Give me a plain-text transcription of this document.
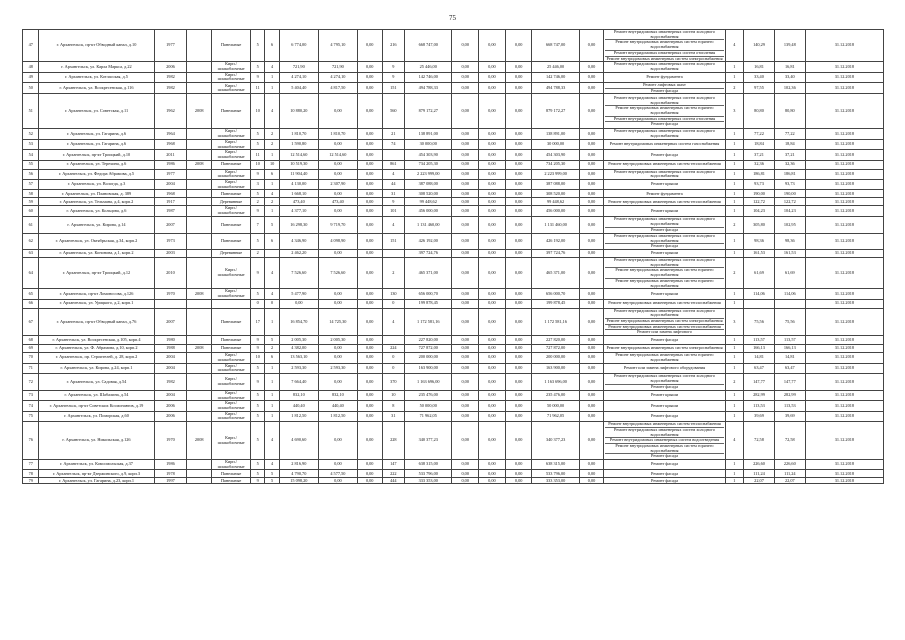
75
47	г. Архангельск, пр-кт Обводный канал, д.10	1977		Панельные	5	6	6 774,00	4 795,10	0,00	216	668 747,00	0,00	0,00	0,00	668 747,00	0,00	Ремонт внутридомовых инженерных систем холодного водоснабжения
Ремонт внутридомовых инженерных систем горячего водоснабжения
Ремонт внутридомовых инженерных систем отопления
Ремонт внутридомовых инженерных систем электроснабжения	4	140,29	139,48	31.12.2018
48	г. Архангельск, ул. Карла Маркса, д.22	2006		Кирп./ шлакоблочные	5	4	721,90	721,90	0,00	9	25 446,00	0,00	0,00	0,00	25 446,00	0,00	Ремонт внутридомовых инженерных систем холодного водоснабжения	1	16,81	16,81	31.12.2018
49	г. Архангельск, ул. Котласская, д.5	1982		Кирп./ шлакоблочные	9	1	4 274,10	4 274,10	0,00	9	142 746,00	0,00	0,00	0,00	142 746,00	0,00	Ремонт фундамента	1	33,40	33,40	31.12.2018
50	г. Архангельск, ул. Воскресенская, д.116	1982		Кирп./ шлакоблочные	11	1	5 404,40	4 817,50	0,00	151	494 788,33	0,00	0,00	0,00	494 788,33	0,00	Ремонт лифтовых шахт
Ремонт фасада	2	97,55	102,36	31.12.2018
51	г. Архангельск, ул. Советская, д.11	1962	2008	Панельные	10	4	10 880,20	0,00	0,00	560	879 172,27	0,00	0,00	0,00	879 172,27	0,00	Ремонт внутридомовых инженерных систем холодного водоснабжения
Ремонт внутридомовых инженерных систем горячего водоснабжения
Ремонт внутридомовых инженерных систем отопления
Ремонт фасада	3	80,80	80,80	31.12.2018
52	г. Архангельск, ул. Гагарина, д.6	1964		Кирп./ шлакоблочные	5	2	1 810,70	1 810,70	0,00	21	138 891,00	0,00	0,00	0,00	138 891,00	0,00	Ремонт внутридомовых инженерных систем холодного водоснабжения	1	77,22	77,22	31.12.2018
53	г. Архангельск, ул. Гагарина, д.6	1968		Кирп./ шлакоблочные	5	2	1 590,80	0,00	0,00	74	30 000,00	0,00	0,00	0,00	30 000,00	0,00	Ремонт внутридомовых инженерных систем газоснабжения	1	18,84	18,84	31.12.2018
54	г. Архангельск, пр-кт Троицкий, д.10	2011		Кирп./ шлакоблочные	11	1	12 514,60	12 514,60	0,00		454 303,90	0,00	0,00	0,00	454 303,90	0,00	Ремонт фасада	1	37,21	37,21	31.12.2018
55	г. Архангельск, ул. Терехина, д.6	1986	2008	Панельные	10	10	10 519,30	0,00	0,00	861	734 205,30	0,00	0,00	0,00	734 205,30	0,00	Ремонт внутридомовых инженерных систем теплоснабжения	1	32,36	32,36	31.12.2018
56	г. Архангельск, ул. Федора Абрамова, д.5	1977		Кирп./ шлакоблочные	9	6	11 904,40	0,00	0,00	4	2 223 999,00	0,00	0,00	0,00	2 223 999,00	0,00	Ремонт внутридомовых инженерных систем холодного водоснабжения	1	186,81	186,81	31.12.2018
57	г. Архангельск, ул. Вологда, д.3	2004		Кирп./ шлакоблочные	3	1	4 130,00	2 307,90	0,00	44	387 088,00	0,00	0,00	0,00	387 088,00	0,00	Ремонт крыши	1	93,73	93,73	31.12.2018
58	г. Архангельск, ул. Плановская, д. 389	1968		Панельные	5	4	1 668,10	0,00	0,00	31	308 520,00	0,00	0,00	0,00	308 520,00	0,00	Ремонт фундамента	1	190,00	190,00	31.12.2018
59	г. Архангельск, ул. Тельмана, д.4, корп.2	1917		Деревянные	2	2	473,40	473,40	0,00	9	99 448,62	0,00	0,00	0,00	99 448,62	0,00	Ремонт внутридомовых инженерных систем теплоснабжения	1	122,72	122,72	31.12.2018
60	г. Архангельск, ул. Кольцова, д.6	1987		Кирп./ шлакоблочные	9	1	4 377,10	0,00	0,00	101	456 000,00	0,00	0,00	0,00	456 000,00	0,00	Ремонт крыши	1	104,23	104,23	31.12.2018
61	г. Архангельск, ул. Кирова, д.14	2007		Панельные	7	5	16 298,30	9 719,70	0,00	4	1 131 460,00	0,00	0,00	0,00	1 131 460,00	0,00	Ремонт внутридомовых инженерных систем холодного водоснабжения
Ремонт фасада	2	305,80	102,95	31.12.2018
62	г. Архангельск, ул. Октябрьская, д.34, корп.2	1973		Панельные	5	6	4 346,90	4 098,90	0,00	151	426 192,00	0,00	0,00	0,00	426 192,00	0,00	Ремонт внутридомовых инженерных систем холодного водоснабжения
Ремонт фасада	1	98,36	98,36	31.12.2018
63	г. Архангельск, ул. Кононова, д.1, корп.2	2003		Деревянные	2		2 462,20	0,00	0,00		397 724,76	0,00	0,00	0,00	397 724,76	0,00	Ремонт крыши	1	161,53	161,53	31.12.2018
64	г. Архангельск, пр-кт Троицкий, д.12	2010		Кирп./ шлакоблочные	9	4	7 526,60	7 526,60	0,00	2	465 371,00	0,00	0,00	0,00	465 371,00	0,00	Ремонт внутридомовых инженерных систем холодного водоснабжения
Ремонт внутридомовых инженерных систем горячего водоснабжения
Ремонт внутридомовых инженерных систем горячего водоснабжения	2	61,69	61,69	31.12.2018
65	г. Архангельск, пр-кт Ломоносова, д.126	1970	2008	Кирп./ шлакоблочные	5	4	5 477,90	0,00	0,00	130	656 000,70	0,00	0,00	0,00	656 000,70	0,00	Ремонт крыши	1	114,06	114,06	31.12.2018
66	г. Архангельск, ул. Урицкого, д.2, корп.1				0	0	0,00	0,00	0,00	0	199 878,45	0,00	0,00	0,00	199 878,45	0,00	Ремонт внутридомовых инженерных систем теплоснабжения	1			31.12.2018
67	г. Архангельск, пр-кт Обводный канал, д.76	2007		Панельные	17	1	16 854,70	14 725,30	0,00	4	1 172 581,16	0,00	0,00	0,00	1 172 581,16	0,00	Ремонт внутридомовых инженерных систем холодного водоснабжения
Ремонт внутридомовых инженерных систем электроснабжения
Ремонт внутридомовых инженерных систем теплоснабжения
Ремонт или замена лифтового	3	75,56	75,56	31.12.2018
68	г. Архангельск, ул. Воскресенская, д.105, корп.4	1980		Панельные	9	5	2 005,30	2 005,30	0,00		227 820,00	0,00	0,00	0,00	227 820,00	0,00	Ремонт фасада	1	113,57	113,57	31.12.2018
69	г. Архангельск, ул. Ф. Абрамова, д.10, корп.2	1988	2008	Панельные	9	2	4 382,00	0,00	0,00	224	727 872,00	0,00	0,00	0,00	727 872,00	0,00	Ремонт внутридомовых инженерных систем электроснабжения	1	166,13	166,13	31.12.2018
70	г. Архангельск, пр. Строителей, д. 28, корп.2	2004		Кирп./ шлакоблочные	10	6	13 563,10	0,00	0,00	0	200 000,00	0,00	0,00	0,00	200 000,00	0,00	Ремонт внутридомовых инженерных систем горячего водоснабжения	1	14,81	14,81	31.12.2018
71	г. Архангельск, ул. Кирова, д.24, корп.1	2004		Кирп./ шлакоблочные	5	1	2 593,30	2 593,30	0,00	0	163 900,00	0,00	0,00	0,00	163 900,00	0,00	Ремонт или замена лифтового оборудования	1	63,47	63,47	31.12.2018
72	г. Архангельск, ул. Садовая, д.54	1982		Кирп./ шлакоблочные	9	1	7 664,40	0,00	0,00	370	1 163 696,00	0,00	0,00	0,00	1 163 696,00	0,00	Ремонт внутридомовых инженерных систем холодного водоснабжения
Ремонт фасада	2	147,77	147,77	31.12.2018
73	г. Архангельск, ул. Шабалина, д.54	2004		Кирп./ шлакоблочные	5	1	832,10	832,10	0,00	10	235 476,00	0,00	0,00	0,00	235 476,00	0,00	Ремонт крыши	1	282,99	282,99	31.12.2018
74	г. Архангельск, пр-кт Советских Космонавтов, д.19	2006		Кирп./ шлакоблочные	5	1	440,40	440,40	0,00	8	50 000,00	0,00	0,00	0,00	50 000,00	0,00	Ремонт крыши	1	113,53	113,53	31.12.2018
75	г. Архангельск, ул. Поморская, д.60	2006		Кирп./ шлакоблочные	5	1	1 812,50	1 812,50	0,00	31	71 962,05	0,00	0,00	0,00	71 962,05	0,00	Ремонт фасада	1	39,69	39,69	31.12.2018
76	г. Архангельск, ул. Никольская, д.126	1970	2008	Кирп./ шлакоблочные	5	4	4 690,60	0,00	0,00	228	340 377,23	0,00	0,00	0,00	340 377,23	0,00	Ремонт внутридомовых инженерных систем теплоснабжения
Ремонт внутридомовых инженерных систем холодного водоснабжения
Ремонт внутридомовых инженерных систем водоотведения
Ремонт внутридомовых инженерных систем горячего водоснабжения
Ремонт фасада	4	72,58	72,58	31.12.2018
77	г. Архангельск, ул. Комсомольская, д.37	1986		Кирп./ шлакоблочные	5	4	2 816,90	0,00	0,00	147	638 315,00	0,00	0,00	0,00	638 315,00	0,00	Ремонт фасада	1	226,60	226,60	31.12.2018
78	г. Архангельск, пр-кт Дзержинского, д.9, корп.3	1978		Панельные	5	5	4 790,70	4 577,50	0,00	222	533 796,00	0,00	0,00	0,00	533 796,00	0,00	Ремонт фасада	1	111,24	111,24	31.12.2018
79	г. Архангельск, ул. Гагарина, д.23, корп.1	1997		Панельные	9	5	15 098,20	0,00	0,00	444	333 353,00	0,00	0,00	0,00	333 353,00	0,00	Ремонт фасада	1	22,07	22,07	31.12.2018
